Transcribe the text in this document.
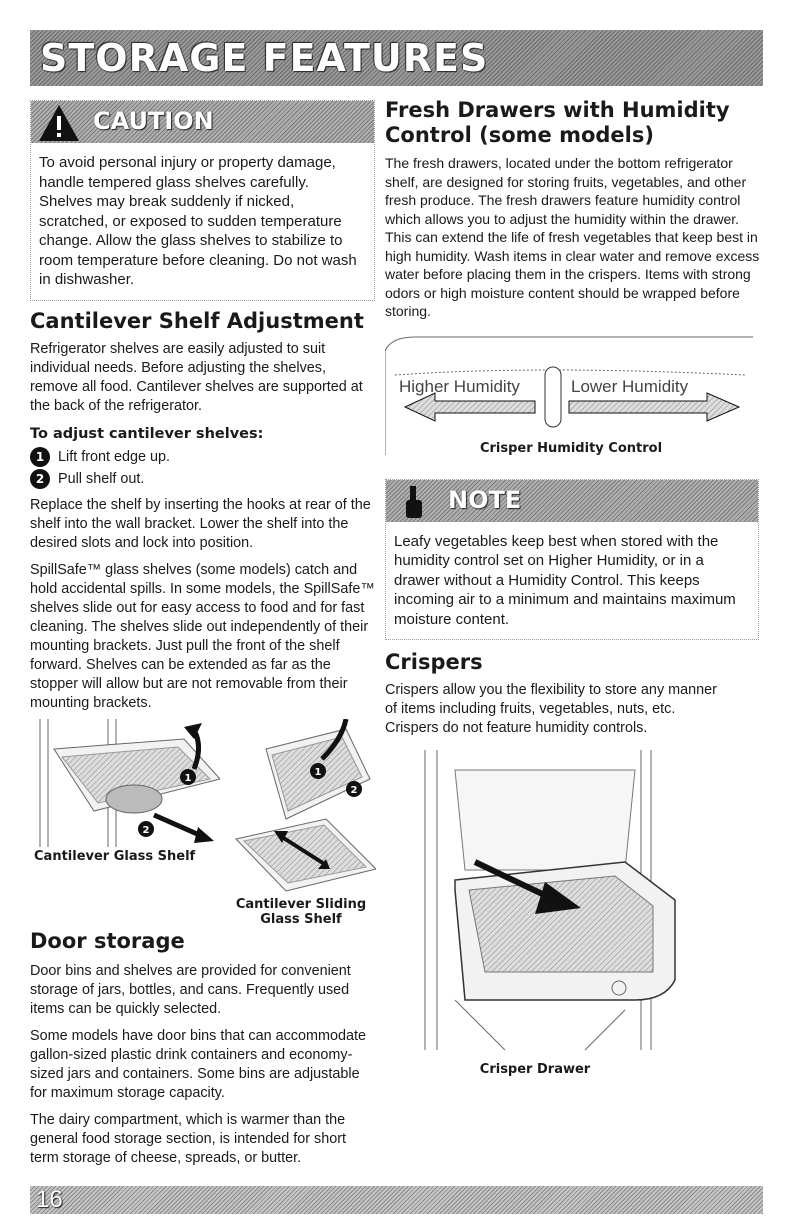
STORAGE FEATURES
CAUTION
To avoid personal injury or property damage, handle tempered glass shelves carefully. Shelves may break suddenly if nicked, scratched, or exposed to sudden temperature change. Allow the glass shelves to stabilize to room temperature before cleaning. Do not wash in dishwasher.
Cantilever Shelf Adjustment

Refrigerator shelves are easily adjusted to suit individual needs. Before adjusting the shelves, remove all food. Cantilever shelves are supported at the back of the refrigerator.

To adjust cantilever shelves:
1 Lift front edge up.
2 Pull shelf out.

Replace the shelf by inserting the hooks at rear of the shelf into the wall bracket. Lower the shelf into the desired slots and lock into position.

SpillSafe™ glass shelves (some models) catch and hold accidental spills. In some models, the SpillSafe™ shelves slide out for easy access to food and for fast cleaning. The shelves slide out independently of their mounting brackets. Just pull the front of the shelf forward. Shelves can be extended as far as the stopper will allow but are not removable from their mounting brackets.

1
2
Cantilever Glass Shelf
1
2
Cantilever Sliding
Glass Shelf
Door storage

Door bins and shelves are provided for convenient storage of jars, bottles, and cans. Frequently used items can be quickly selected.

Some models have door bins that can accommodate gallon-sized plastic drink containers and economy-sized jars and containers. Some bins are adjustable for maximum storage capacity.

The dairy compartment, which is warmer than the general food storage section, is intended for short term storage of cheese, spreads, or butter.

Fresh Drawers with Humidity
Control (some models)

The fresh drawers, located under the bottom refrigerator shelf, are designed for storing fruits, vegetables, and other fresh produce. The fresh drawers feature humidity control which allows you to adjust the humidity within the drawer. This can extend the life of fresh vegetables that keep best in high humidity. Wash items in clear water and remove excess water before placing them in the crispers. Items with strong odors or high moisture content should be wrapped before storing.

Higher Humidity	Lower Humidity
Crisper Humidity Control
NOTE
Leafy vegetables keep best when stored with the humidity control set on Higher Humidity, or in a drawer without a Humidity Control. This keeps incoming air to a minimum and maintains maximum moisture content.
Crispers

Crispers allow you the flexibility to store any manner of items including fruits, vegetables, nuts, etc. Crispers do not feature humidity controls.

Crisper Drawer
16
